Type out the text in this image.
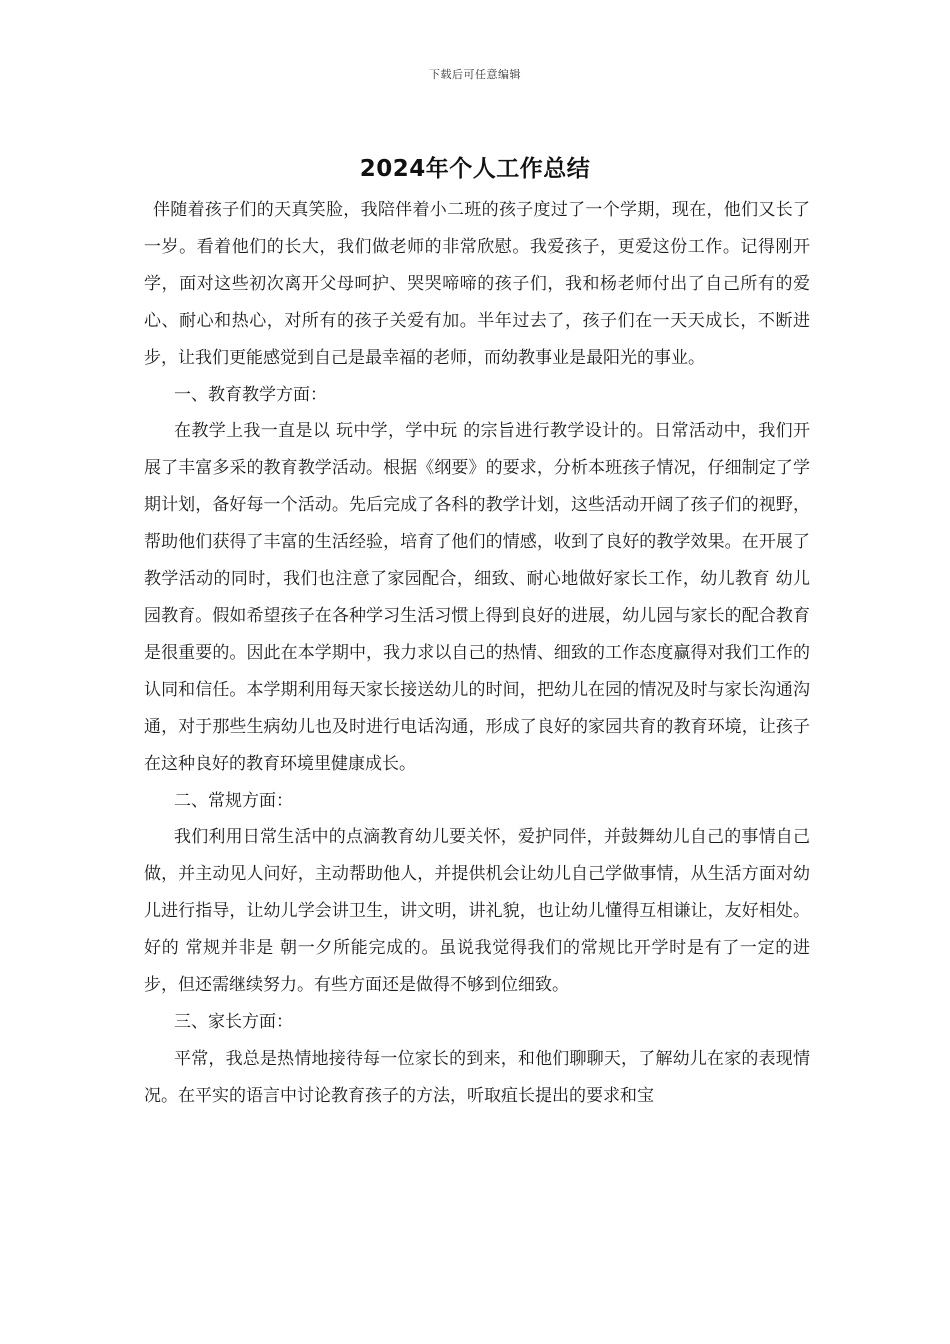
下载后可任意编辑
2024年个人工作总结

伴随着孩子们的天真笑脸，我陪伴着小二班的孩子度过了一个学期，现在，他们又长了一岁。看着他们的长大，我们做老师的非常欣慰。我爱孩子，更爱这份工作。记得刚开学，面对这些初次离开父母呵护、哭哭啼啼的孩子们，我和杨老师付出了自己所有的爱心、耐心和热心，对所有的孩子关爱有加。半年过去了，孩子们在一天天成长，不断进步，让我们更能感觉到自己是最幸福的老师，而幼教事业是最阳光的事业。

一、教育教学方面：

在教学上我一直是以 玩中学，学中玩 的宗旨进行教学设计的。日常活动中，我们开展了丰富多采的教育教学活动。根据《纲要》的要求，分析本班孩子情况，仔细制定了学期计划，备好每一个活动。先后完成了各科的教学计划，这些活动开阔了孩子们的视野，帮助他们获得了丰富的生活经验，培育了他们的情感，收到了良好的教学效果。在开展了教学活动的同时，我们也注意了家园配合，细致、耐心地做好家长工作，幼儿教育 幼儿园教育。假如希望孩子在各种学习生活习惯上得到良好的进展，幼儿园与家长的配合教育是很重要的。因此在本学期中，我力求以自己的热情、细致的工作态度赢得对我们工作的认同和信任。本学期利用每天家长接送幼儿的时间，把幼儿在园的情况及时与家长沟通沟通，对于那些生病幼儿也及时进行电话沟通，形成了良好的家园共育的教育环境，让孩子在这种良好的教育环境里健康成长。

二、常规方面：

我们利用日常生活中的点滴教育幼儿要关怀，爱护同伴，并鼓舞幼儿自己的事情自己做，并主动见人问好，主动帮助他人，并提供机会让幼儿自己学做事情，从生活方面对幼儿进行指导，让幼儿学会讲卫生，讲文明，讲礼貌，也让幼儿懂得互相谦让，友好相处。好的 常规并非是 朝一夕所能完成的。虽说我觉得我们的常规比开学时是有了一定的进步，但还需继续努力。有些方面还是做得不够到位细致。

三、家长方面：

平常，我总是热情地接待每一位家长的到来，和他们聊聊天，了解幼儿在家的表现情况。在平实的语言中讨论教育孩子的方法，听取疽长提出的要求和宝
